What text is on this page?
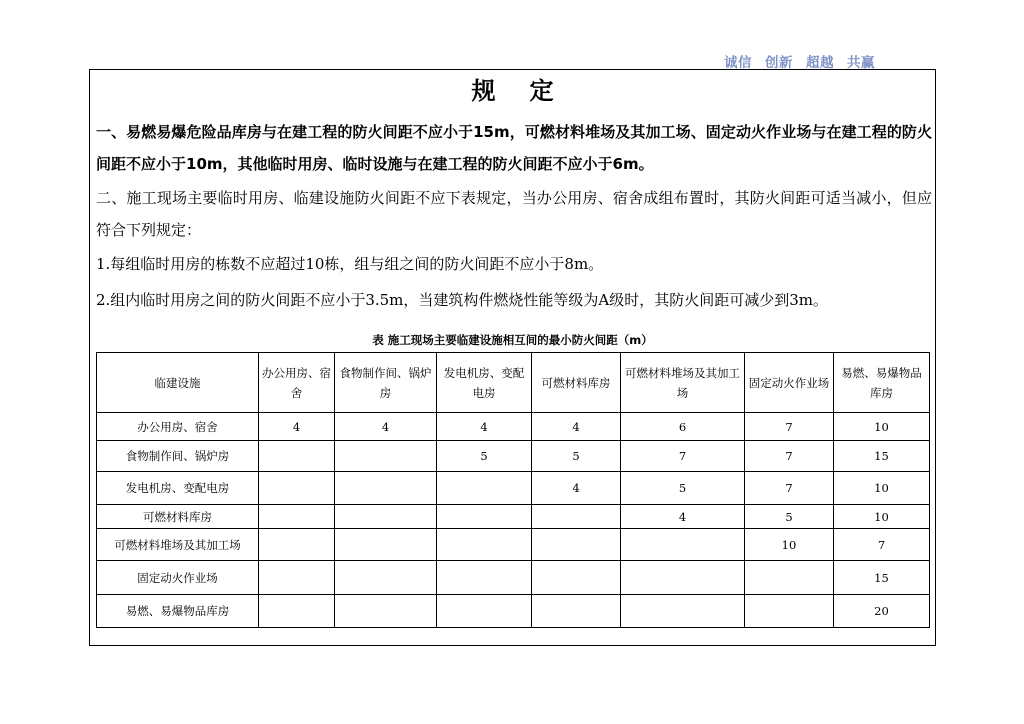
诚信 创新 超越 共赢
规定
一、易燃易爆危险品库房与在建工程的防火间距不应小于15m，可燃材料堆场及其加工场、固定动火作业场与在建工程的防火间距不应小于10m，其他临时用房、临时设施与在建工程的防火间距不应小于6m。
二、施工现场主要临时用房、临建设施防火间距不应下表规定，当办公用房、宿舍成组布置时，其防火间距可适当减小，但应符合下列规定：
1.每组临时用房的栋数不应超过10栋，组与组之间的防火间距不应小于8m。
2.组内临时用房之间的防火间距不应小于3.5m，当建筑构件燃烧性能等级为A级时，其防火间距可减少到3m。
表 施工现场主要临建设施相互间的最小防火间距（m）
临建设施	办公用房、宿舍	食物制作间、锅炉房	发电机房、变配电房	可燃材料库房	可燃材料堆场及其加工场	固定动火作业场	易燃、易爆物品库房
办公用房、宿舍	4	4	4	4	6	7	10
食物制作间、锅炉房			5	5	7	7	15
发电机房、变配电房				4	5	7	10
可燃材料库房					4	5	10
可燃材料堆场及其加工场						10	7
固定动火作业场							15
易燃、易爆物品库房							20
